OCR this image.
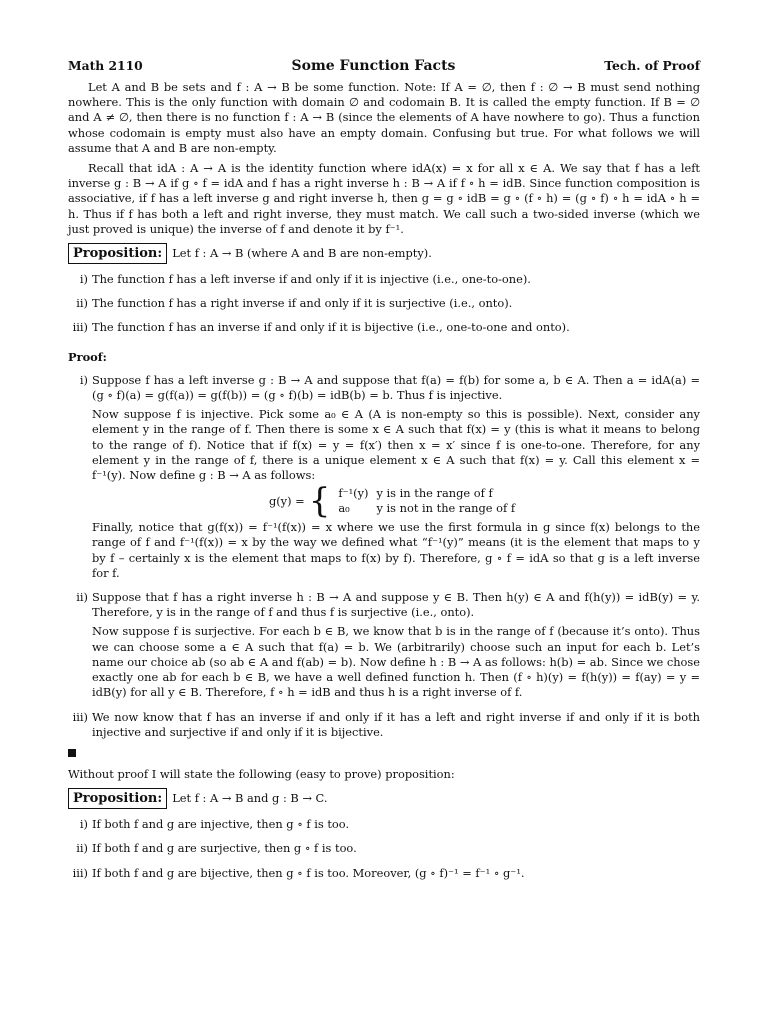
Math 2110	Some Function Facts	Tech. of Proof

Let A and B be sets and f : A → B be some function. Note: If A = ∅, then f : ∅ → B must send nothing nowhere. This is the only function with domain ∅ and codomain B. It is called the empty function. If B = ∅ and A ≠ ∅, then there is no function f : A → B (since the elements of A have nowhere to go). Thus a function whose codomain is empty must also have an empty domain. Confusing but true. For what follows we will assume that A and B are non-empty.

Recall that idA : A → A is the identity function where idA(x) = x for all x ∈ A. We say that f has a left inverse g : B → A if g ∘ f = idA and f has a right inverse h : B → A if f ∘ h = idB. Since function composition is associative, if f has a left inverse g and right inverse h, then g = g ∘ idB = g ∘ (f ∘ h) = (g ∘ f) ∘ h = idA ∘ h = h. Thus if f has both a left and right inverse, they must match. We call such a two-sided inverse (which we just proved is unique) the inverse of f and denote it by f⁻¹.

Proposition: Let f : A → B (where A and B are non-empty).
i) The function f has a left inverse if and only if it is injective (i.e., one-to-one).
ii) The function f has a right inverse if and only if it is surjective (i.e., onto).
iii) The function f has an inverse if and only if it is bijective (i.e., one-to-one and onto).
Proof:
i) Suppose f has a left inverse g : B → A and suppose that f(a) = f(b) for some a, b ∈ A. Then a = idA(a) = (g ∘ f)(a) = g(f(a)) = g(f(b)) = (g ∘ f)(b) = idB(b) = b. Thus f is injective.

Now suppose f is injective. Pick some a₀ ∈ A (A is non-empty so this is possible). Next, consider any element y in the range of f. Then there is some x ∈ A such that f(x) = y (this is what it means to belong to the range of f). Notice that if f(x) = y = f(x′) then x = x′ since f is one-to-one. Therefore, for any element y in the range of f, there is a unique element x ∈ A such that f(x) = y. Call this element x = f⁻¹(y). Now define g : B → A as follows:

g(y) = { f⁻¹(y)	y is in the range of f
a₀	y is not in the range of f

Finally, notice that g(f(x)) = f⁻¹(f(x)) = x where we use the first formula in g since f(x) belongs to the range of f and f⁻¹(f(x)) = x by the way we defined what “f⁻¹(y)” means (it is the element that maps to y by f – certainly x is the element that maps to f(x) by f). Therefore, g ∘ f = idA so that g is a left inverse for f.

ii) Suppose that f has a right inverse h : B → A and suppose y ∈ B. Then h(y) ∈ A and f(h(y)) = idB(y) = y. Therefore, y is in the range of f and thus f is surjective (i.e., onto).

Now suppose f is surjective. For each b ∈ B, we know that b is in the range of f (because it’s onto). Thus we can choose some a ∈ A such that f(a) = b. We (arbitrarily) choose such an input for each b. Let’s name our choice ab (so ab ∈ A and f(ab) = b). Now define h : B → A as follows: h(b) = ab. Since we chose exactly one ab for each b ∈ B, we have a well defined function h. Then (f ∘ h)(y) = f(h(y)) = f(ay) = y = idB(y) for all y ∈ B. Therefore, f ∘ h = idB and thus h is a right inverse of f.

iii) We now know that f has an inverse if and only if it has a left and right inverse if and only if it is both injective and surjective if and only if it is bijective.

Without proof I will state the following (easy to prove) proposition:

Proposition: Let f : A → B and g : B → C.
i) If both f and g are injective, then g ∘ f is too.
ii) If both f and g are surjective, then g ∘ f is too.
iii) If both f and g are bijective, then g ∘ f is too. Moreover, (g ∘ f)⁻¹ = f⁻¹ ∘ g⁻¹.
